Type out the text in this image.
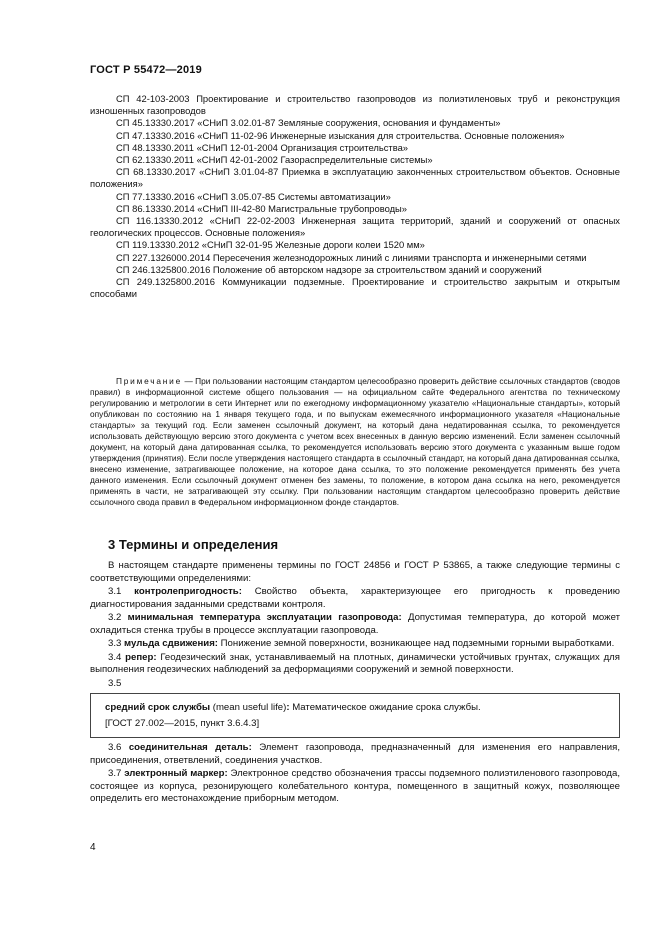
ГОСТ Р 55472—2019

СП 42-103-2003 Проектирование и строительство газопроводов из полиэтиленовых труб и реконструкция изношенных газопроводов

СП 45.13330.2017 «СНиП 3.02.01-87 Земляные сооружения, основания и фундаменты»

СП 47.13330.2016 «СНиП 11-02-96 Инженерные изыскания для строительства. Основные положения»

СП 48.13330.2011 «СНиП 12-01-2004 Организация строительства»

СП 62.13330.2011 «СНиП 42-01-2002 Газораспределительные системы»

СП 68.13330.2017 «СНиП 3.01.04-87 Приемка в эксплуатацию законченных строительством объектов. Основные положения»

СП 77.13330.2016 «СНиП 3.05.07-85 Системы автоматизации»

СП 86.13330.2014 «СНиП III-42-80 Магистральные трубопроводы»

СП 116.13330.2012 «СНиП 22-02-2003 Инженерная защита территорий, зданий и сооружений от опасных геологических процессов. Основные положения»

СП 119.13330.2012 «СНиП 32-01-95 Железные дороги колеи 1520 мм»

СП 227.1326000.2014 Пересечения железнодорожных линий с линиями транспорта и инженерными сетями

СП 246.1325800.2016 Положение об авторском надзоре за строительством зданий и сооружений

СП 249.1325800.2016 Коммуникации подземные. Проектирование и строительство закрытым и открытым способами

Примечание — При пользовании настоящим стандартом целесообразно проверить действие ссылочных стандартов (сводов правил) в информационной системе общего пользования — на официальном сайте Федерального агентства по техническому регулированию и метрологии в сети Интернет или по ежегодному информационному указателю «Национальные стандарты», который опубликован по состоянию на 1 января текущего года, и по выпускам ежемесячного информационного указателя «Национальные стандарты» за текущий год. Если заменен ссылочный документ, на который дана недатированная ссылка, то рекомендуется использовать действующую версию этого документа с учетом всех внесенных в данную версию изменений. Если заменен ссылочный документ, на который дана датированная ссылка, то рекомендуется использовать версию этого документа с указанным выше годом утверждения (принятия). Если после утверждения настоящего стандарта в ссылочный стандарт, на который дана датированная ссылка, внесено изменение, затрагивающее положение, на которое дана ссылка, то это положение рекомендуется применять без учета данного изменения. Если ссылочный документ отменен без замены, то положение, в котором дана ссылка на него, рекомендуется применять в части, не затрагивающей эту ссылку. При пользовании настоящим стандартом целесообразно проверить действие ссылочного свода правил в Федеральном информационном фонде стандартов.

3 Термины и определения

В настоящем стандарте применены термины по ГОСТ 24856 и ГОСТ Р 53865, а также следующие термины с соответствующими определениями:

3.1 контролепригодность: Свойство объекта, характеризующее его пригодность к проведению диагностирования заданными средствами контроля.

3.2 минимальная температура эксплуатации газопровода: Допустимая температура, до которой может охладиться стенка трубы в процессе эксплуатации газопровода.

3.3 мульда сдвижения: Понижение земной поверхности, возникающее над подземными горными выработками.

3.4 репер: Геодезический знак, устанавливаемый на плотных, динамически устойчивых грунтах, служащих для выполнения геодезических наблюдений за деформациями сооружений и земной поверхности.

3.5

средний срок службы (mean useful life): Математическое ожидание срока службы.

[ГОСТ 27.002—2015, пункт 3.6.4.3]

3.6 соединительная деталь: Элемент газопровода, предназначенный для изменения его направления, присоединения, ответвлений, соединения участков.

3.7 электронный маркер: Электронное средство обозначения трассы подземного полиэтиленового газопровода, состоящее из корпуса, резонирующего колебательного контура, помещенного в защитный кожух, позволяющее определить его местонахождение приборным методом.

4
